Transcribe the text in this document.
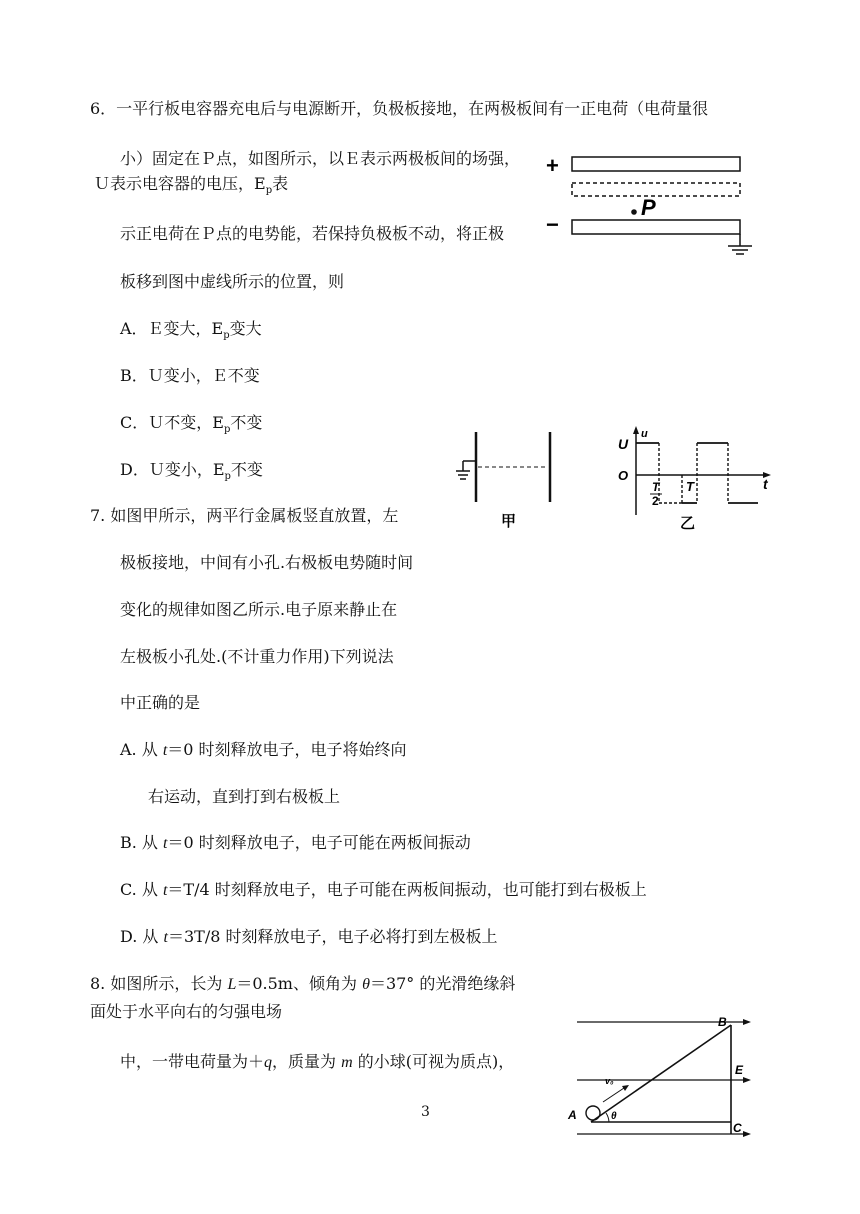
6．一平行板电容器充电后与电源断开，负极板接地，在两极板间有一正电荷（电荷量很
小）固定在Ｐ点，如图所示，以Ｅ表示两极板间的场强，
Ｕ表示电容器的电压，$E_p$表
示正电荷在Ｐ点的电势能，若保持负极板不动，将正极
板移到图中虚线所示的位置，则
A．Ｅ变大，$E_p$变大
B．Ｕ变小，Ｅ不变
C．Ｕ不变，$E_p$不变
D．Ｕ变小，$E_p$不变
+
P
−
7. 如图甲所示，两平行金属板竖直放置，左
极板接地，中间有小孔.右极板电势随时间
变化的规律如图乙所示.电子原来静止在
左极板小孔处.(不计重力作用)下列说法
中正确的是
A. 从 t＝0 时刻释放电子，电子将始终向
右运动，直到打到右极板上
B. 从 t＝0 时刻释放电子，电子可能在两板间振动
C. 从 t＝T/4 时刻释放电子，电子可能在两板间振动，也可能打到右极板上
D. 从 t＝3T/8 时刻释放电子，电子必将打到左极板上
甲
u
U
O
t
T
2
T
乙
8. 如图所示，长为 L＝0.5m、倾角为 θ＝37° 的光滑绝缘斜
面处于水平向右的匀强电场
中，一带电荷量为＋q，质量为 m 的小球(可视为质点)，
3
v₀
θ
A
B
C
E
